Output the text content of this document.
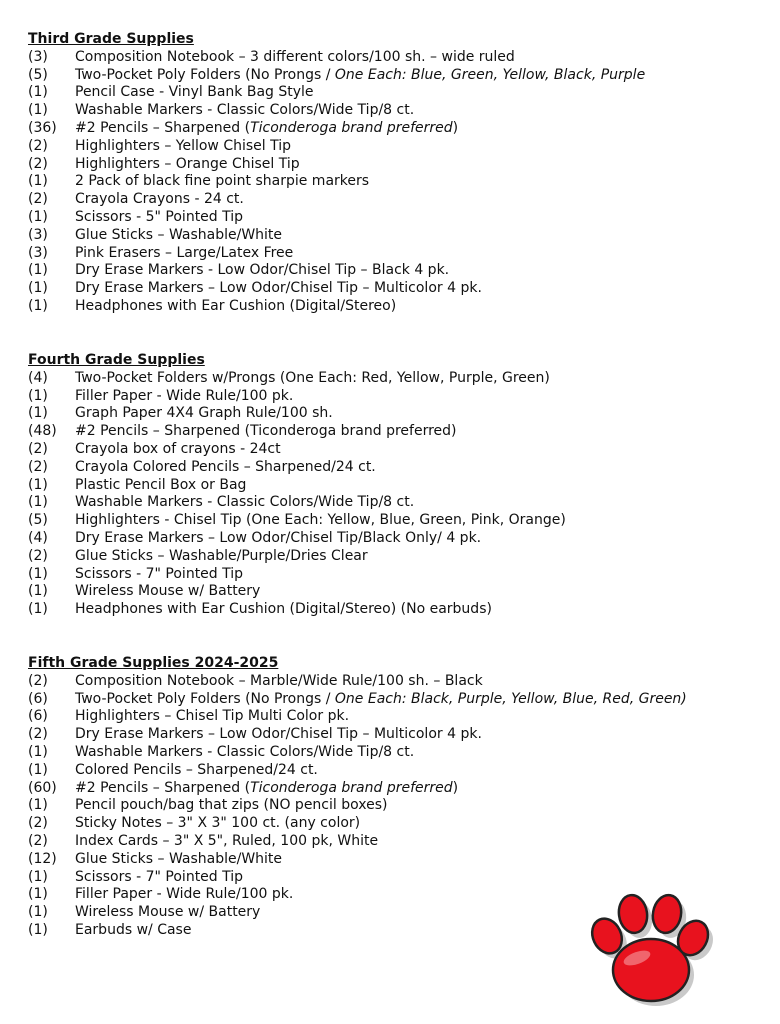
Third Grade Supplies
(3)	Composition Notebook – 3 different colors/100 sh. – wide ruled
(5)	Two-Pocket Poly Folders (No Prongs / One Each: Blue, Green, Yellow, Black, Purple
(1)	Pencil Case - Vinyl Bank Bag Style
(1)	Washable Markers - Classic Colors/Wide Tip/8 ct.
(36)	#2 Pencils – Sharpened (Ticonderoga brand preferred)
(2)	Highlighters – Yellow Chisel Tip
(2)	Highlighters – Orange Chisel Tip
(1)	2 Pack of black fine point sharpie markers
(2)	Crayola Crayons - 24 ct.
(1)	Scissors - 5" Pointed Tip
(3)	Glue Sticks – Washable/White
(3)	Pink Erasers – Large/Latex Free
(1)	Dry Erase Markers - Low Odor/Chisel Tip – Black 4 pk.
(1)	Dry Erase Markers – Low Odor/Chisel Tip – Multicolor 4 pk.
(1)	Headphones with Ear Cushion (Digital/Stereo)
Fourth Grade Supplies
(4)	Two-Pocket Folders w/Prongs (One Each: Red, Yellow, Purple, Green)
(1)	Filler Paper - Wide Rule/100 pk.
(1)	Graph Paper 4X4 Graph Rule/100 sh.
(48)	#2 Pencils – Sharpened (Ticonderoga brand preferred)
(2)	Crayola box of crayons - 24ct
(2)	Crayola Colored Pencils – Sharpened/24 ct.
(1)	Plastic Pencil Box or Bag
(1)	Washable Markers - Classic Colors/Wide Tip/8 ct.
(5)	Highlighters - Chisel Tip (One Each: Yellow, Blue, Green, Pink, Orange)
(4)	Dry Erase Markers – Low Odor/Chisel Tip/Black Only/ 4 pk.
(2)	Glue Sticks – Washable/Purple/Dries Clear
(1)	Scissors - 7" Pointed Tip
(1)	Wireless Mouse w/ Battery
(1)	Headphones with Ear Cushion (Digital/Stereo) (No earbuds)
Fifth Grade Supplies 2024-2025
(2)	Composition Notebook – Marble/Wide Rule/100 sh. – Black
(6)	Two-Pocket Poly Folders (No Prongs / One Each: Black, Purple, Yellow, Blue, Red, Green)
(6)	Highlighters – Chisel Tip Multi Color pk.
(2)	Dry Erase Markers – Low Odor/Chisel Tip – Multicolor 4 pk.
(1)	Washable Markers - Classic Colors/Wide Tip/8 ct.
(1)	Colored Pencils – Sharpened/24 ct.
(60)	#2 Pencils – Sharpened (Ticonderoga brand preferred)
(1)	Pencil pouch/bag that zips (NO pencil boxes)
(2)	Sticky Notes – 3" X 3" 100 ct. (any color)
(2)	Index Cards – 3" X 5", Ruled, 100 pk, White
(12)	Glue Sticks – Washable/White
(1)	Scissors - 7" Pointed Tip
(1)	Filler Paper - Wide Rule/100 pk.
(1)	Wireless Mouse w/ Battery
(1)	Earbuds w/ Case
